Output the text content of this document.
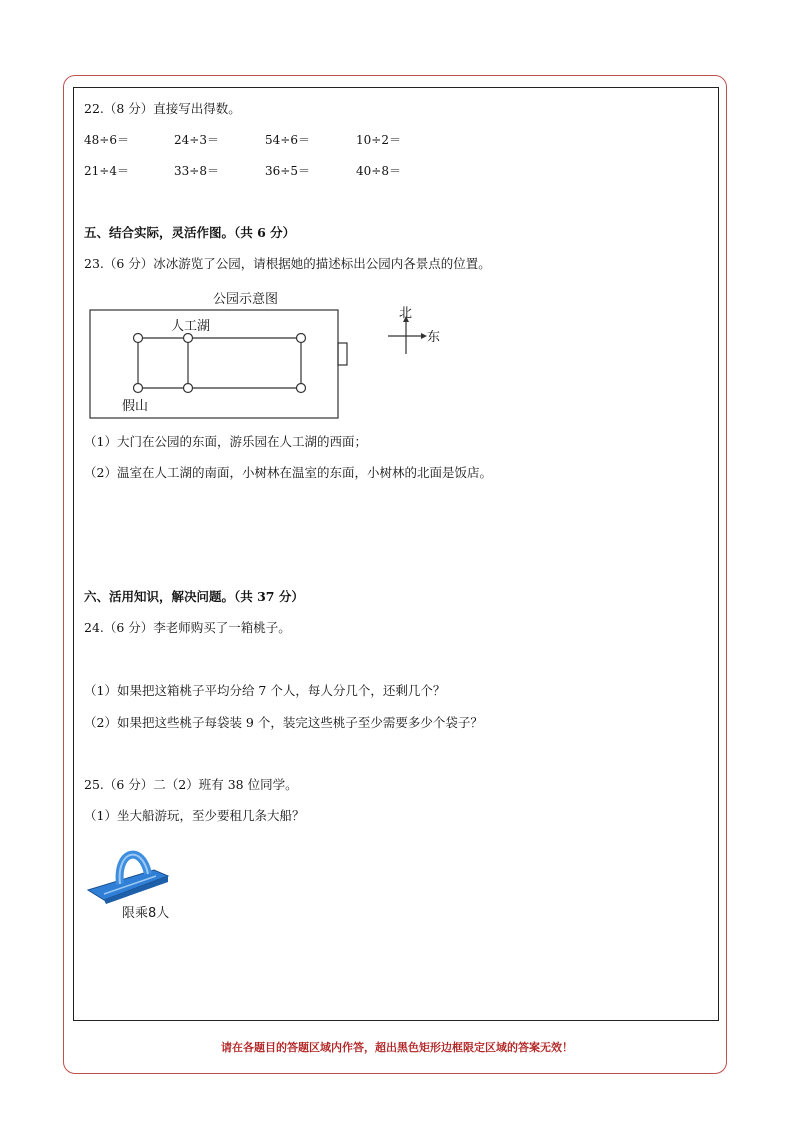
22.（8 分）直接写出得数。
48÷6＝	24÷3＝	54÷6＝	10÷2＝
21÷4＝	33÷8＝	36÷5＝	40÷8＝
五、结合实际，灵活作图。（共 6 分）
23.（6 分）冰冰游览了公园，请根据她的描述标出公园内各景点的位置。
公园示意图
人工湖
假山
北
东
（1）大门在公园的东面，游乐园在人工湖的西面；
（2）温室在人工湖的南面，小树林在温室的东面，小树林的北面是饭店。
六、活用知识，解决问题。（共 37 分）
24.（6 分）李老师购买了一箱桃子。
（1）如果把这箱桃子平均分给 7 个人，每人分几个，还剩几个？
（2）如果把这些桃子每袋装 9 个，装完这些桃子至少需要多少个袋子？
25.（6 分）二（2）班有 38 位同学。
（1）坐大船游玩，至少要租几条大船？
限乘8人
请在各题目的答题区域内作答，超出黑色矩形边框限定区域的答案无效！
